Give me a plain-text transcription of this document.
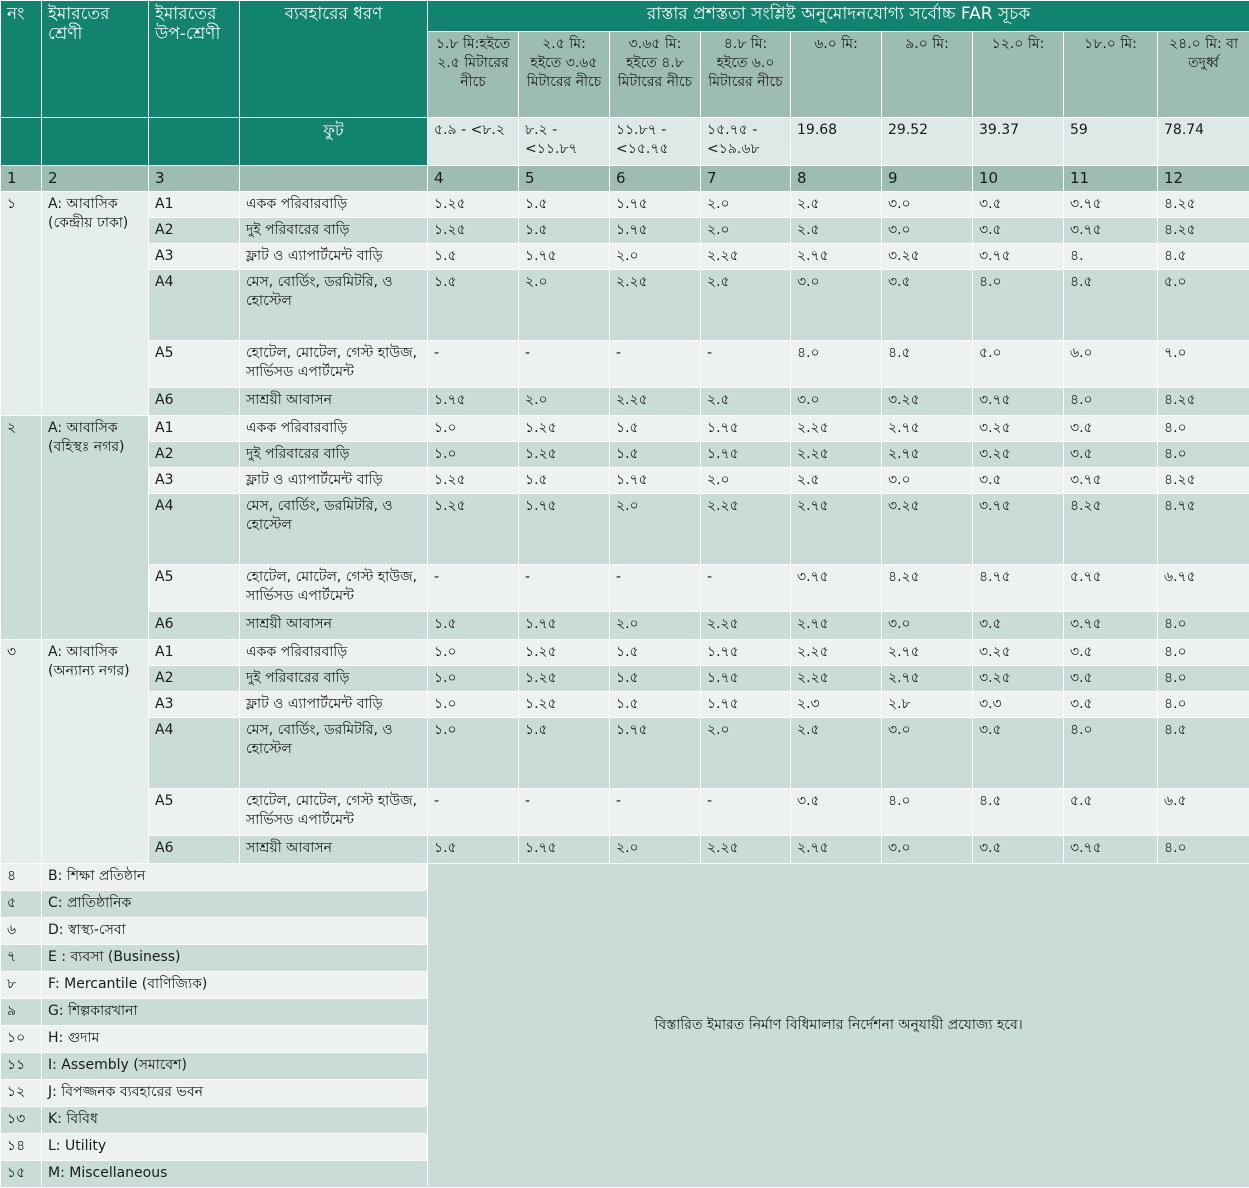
নং	ইমারতের শ্রেণী	ইমারতের উপ-শ্রেণী	ব্যবহারের ধরণ	রাস্তার প্রশস্ততা সংশ্লিষ্ট অনুমোদনযোগ্য সর্বোচ্চ FAR সূচক								
				১.৮ মি:হইতে ২.৫ মিটারের নীচে	২.৫ মি: হইতে ৩.৬৫ মিটারের নীচে	৩.৬৫ মি: হইতে ৪.৮ মিটারের নীচে	৪.৮ মি: হইতে ৬.০ মিটারের নীচে	৬.০ মি:	৯.০ মি:	১২.০ মি:	১৮.০ মি:	২৪.০ মি: বা তদুর্ধ্ব
			ফুট	৫.৯ - <৮.২	৮.২ - <১১.৮৭	১১.৮৭ - <১৫.৭৫	১৫.৭৫ - <১৯.৬৮	19.68	29.52	39.37	59	78.74
1	2	3		4	5	6	7	8	9	10	11	12
১	A: আবাসিক (কেন্দ্রীয় ঢাকা)	A1	একক পরিবারবাড়ি	১.২৫	১.৫	১.৭৫	২.০	২.৫	৩.০	৩.৫	৩.৭৫	৪.২৫
		A2	দুই পরিবারের বাড়ি	১.২৫	১.৫	১.৭৫	২.০	২.৫	৩.০	৩.৫	৩.৭৫	৪.২৫
		A3	ফ্লাট ও এ্যাপার্টমেন্ট বাড়ি	১.৫	১.৭৫	২.০	২.২৫	২.৭৫	৩.২৫	৩.৭৫	৪.	৪.৫
		A4	মেস, বোর্ডিং, ডরমিটরি, ও হোস্টেল	১.৫	২.০	২.২৫	২.৫	৩.০	৩.৫	৪.০	৪.৫	৫.০
		A5	হোটেল, মোটেল, গেস্ট হাউজ, সার্ভিসড এপার্টমেন্ট	-	-	-	-	৪.০	৪.৫	৫.০	৬.০	৭.০
		A6	সাশ্রয়ী আবাসন	১.৭৫	২.০	২.২৫	২.৫	৩.০	৩.২৫	৩.৭৫	৪.০	৪.২৫
২	A: আবাসিক (বহিস্থঃ নগর)	A1	একক পরিবারবাড়ি	১.০	১.২৫	১.৫	১.৭৫	২.২৫	২.৭৫	৩.২৫	৩.৫	৪.০
		A2	দুই পরিবারের বাড়ি	১.০	১.২৫	১.৫	১.৭৫	২.২৫	২.৭৫	৩.২৫	৩.৫	৪.০
		A3	ফ্লাট ও এ্যাপার্টমেন্ট বাড়ি	১.২৫	১.৫	১.৭৫	২.০	২.৫	৩.০	৩.৫	৩.৭৫	৪.২৫
		A4	মেস, বোর্ডিং, ডরমিটরি, ও হোস্টেল	১.২৫	১.৭৫	২.০	২.২৫	২.৭৫	৩.২৫	৩.৭৫	৪.২৫	৪.৭৫
		A5	হোটেল, মোটেল, গেস্ট হাউজ, সার্ভিসড এপার্টমেন্ট	-	-	-	-	৩.৭৫	৪.২৫	৪.৭৫	৫.৭৫	৬.৭৫
		A6	সাশ্রয়ী আবাসন	১.৫	১.৭৫	২.০	২.২৫	২.৭৫	৩.০	৩.৫	৩.৭৫	৪.০
৩	A: আবাসিক (অন্যান্য নগর)	A1	একক পরিবারবাড়ি	১.০	১.২৫	১.৫	১.৭৫	২.২৫	২.৭৫	৩.২৫	৩.৫	৪.০
		A2	দুই পরিবারের বাড়ি	১.০	১.২৫	১.৫	১.৭৫	২.২৫	২.৭৫	৩.২৫	৩.৫	৪.০
		A3	ফ্লাট ও এ্যাপার্টমেন্ট বাড়ি	১.০	১.২৫	১.৫	১.৭৫	২.৩	২.৮	৩.৩	৩.৫	৪.০
		A4	মেস, বোর্ডিং, ডরমিটরি, ও হোস্টেল	১.০	১.৫	১.৭৫	২.০	২.৫	৩.০	৩.৫	৪.০	৪.৫
		A5	হোটেল, মোটেল, গেস্ট হাউজ, সার্ভিসড এপার্টমেন্ট	-	-	-	-	৩.৫	৪.০	৪.৫	৫.৫	৬.৫
		A6	সাশ্রয়ী আবাসন	১.৫	১.৭৫	২.০	২.২৫	২.৭৫	৩.০	৩.৫	৩.৭৫	৪.০
৪	B: শিক্ষা প্রতিষ্ঠান			বিস্তারিত ইমারত নির্মাণ বিধিমালার নির্দেশনা অনুযায়ী প্রযোজ্য হবে।								
৫	C: প্রাতিষ্ঠানিক											
৬	D: স্বাস্থ্য-সেবা											
৭	E : ব্যবসা (Business)											
৮	F: Mercantile (বাণিজ্যিক)											
৯	G: শিল্পকারখানা											
১০	H: গুদাম											
১১	I: Assembly (সমাবেশ)											
১২	J: বিপজ্জনক ব্যবহারের ভবন											
১৩	K: বিবিধ											
১৪	L: Utility											
১৫	M: Miscellaneous											
